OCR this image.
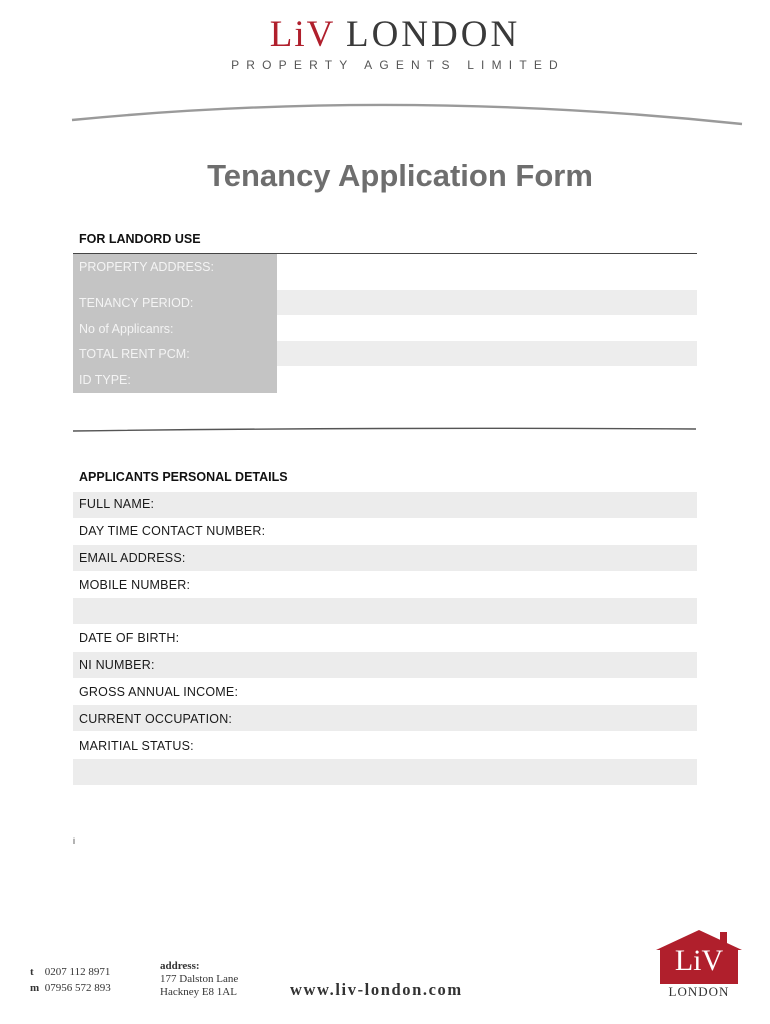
LiV LONDON
PROPERTY AGENTS LIMITED
Tenancy Application Form
FOR LANDORD USE
PROPERTY ADDRESS:
TENANCY PERIOD:
No of Applicanrs:
TOTAL RENT PCM:
ID TYPE:
APPLICANTS PERSONAL DETAILS
FULL NAME:
DAY TIME CONTACT NUMBER:
EMAIL ADDRESS:
MOBILE NUMBER:
DATE OF BIRTH:
NI NUMBER:
GROSS ANNUAL INCOME:
CURRENT OCCUPATION:
MARITIAL STATUS:
i
t 0207 112 8971
m 07956 572 893
address:
177 Dalston Lane
Hackney E8 1AL	www.liv-london.com
LiV
LONDON
